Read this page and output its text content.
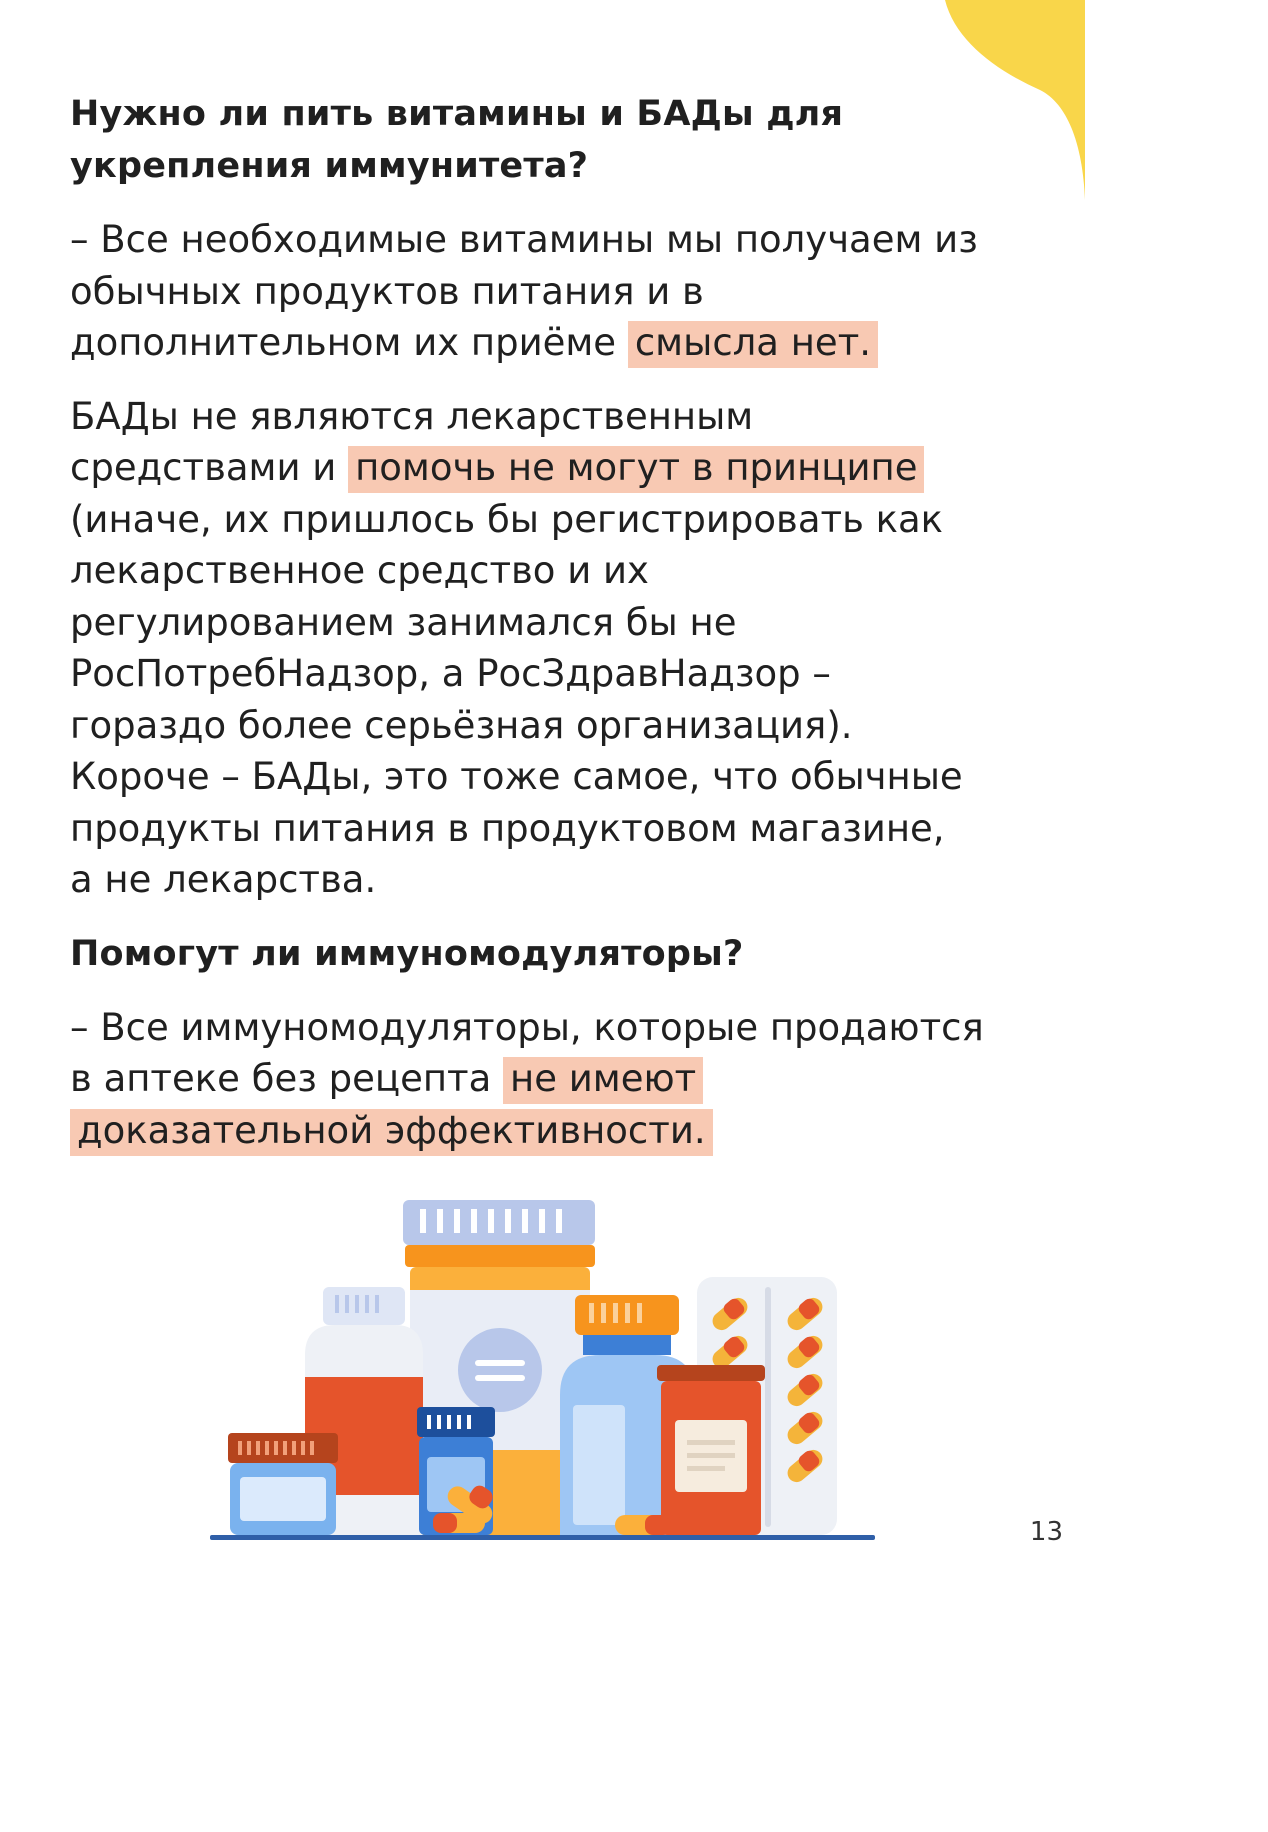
Нужно ли пить витамины и БАДы для укрепления иммунитета?

– Все необходимые витамины мы получаем из обычных продуктов питания и в дополнительном их приёме смысла нет.

БАДы не являются лекарственным средствами и помочь не могут в принципе (иначе, их пришлось бы регистрировать как лекарственное средство и их регулированием занимался бы не РосПотребНадзор, а РосЗдравНадзор – гораздо более серьёзная организация). Короче – БАДы, это тоже самое, что обычные продукты питания в продуктовом магазине, а не лекарства.

Помогут ли иммуномодуляторы?

– Все иммуномодуляторы, которые продаются в аптеке без рецепта не имеют доказательной эффективности.

13
